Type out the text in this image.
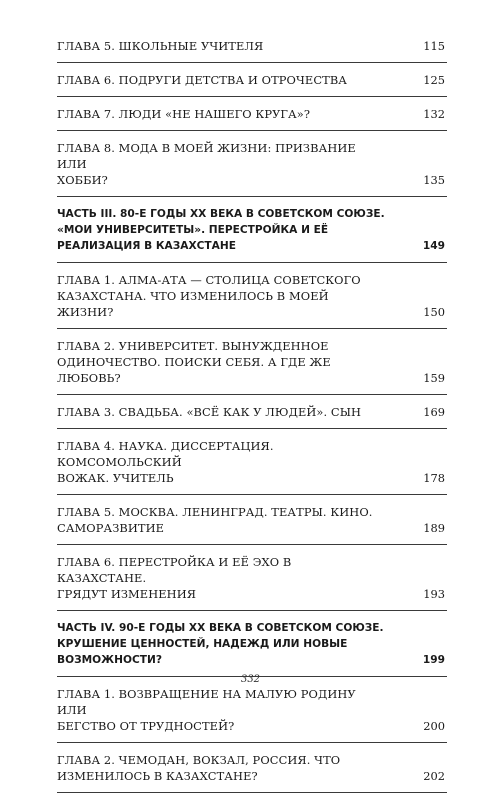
ГЛАВА 5. ШКОЛЬНЫЕ УЧИТЕЛЯ	115
ГЛАВА 6. ПОДРУГИ ДЕТСТВА И ОТРОЧЕСТВА	125
ГЛАВА 7. ЛЮДИ «НЕ НАШЕГО КРУГА»?	132
ГЛАВА 8. МОДА В МОЕЙ ЖИЗНИ: ПРИЗВАНИЕ ИЛИ
ХОББИ?	135
ЧАСТЬ III. 80-Е ГОДЫ ХХ ВЕКА В СОВЕТСКОМ СОЮЗЕ.
«МОИ УНИВЕРСИТЕТЫ». ПЕРЕСТРОЙКА И ЕЁ
РЕАЛИЗАЦИЯ В КАЗАХСТАНЕ	149
ГЛАВА 1. АЛМА-АТА — СТОЛИЦА СОВЕТСКОГО
КАЗАХСТАНА. ЧТО ИЗМЕНИЛОСЬ В МОЕЙ ЖИЗНИ?	150
ГЛАВА 2. УНИВЕРСИТЕТ. ВЫНУЖДЕННОЕ
ОДИНОЧЕСТВО. ПОИСКИ СЕБЯ. А ГДЕ ЖЕ ЛЮБОВЬ?	159
ГЛАВА 3. СВАДЬБА. «ВСЁ КАК У ЛЮДЕЙ». СЫН	169
ГЛАВА 4. НАУКА. ДИССЕРТАЦИЯ. КОМСОМОЛЬСКИЙ
ВОЖАК. УЧИТЕЛЬ	178
ГЛАВА 5. МОСКВА. ЛЕНИНГРАД. ТЕАТРЫ. КИНО.
САМОРАЗВИТИЕ	189
ГЛАВА 6. ПЕРЕСТРОЙКА И ЕЁ ЭХО В КАЗАХСТАНЕ.
ГРЯДУТ ИЗМЕНЕНИЯ	193
ЧАСТЬ IV. 90-Е ГОДЫ ХХ ВЕКА В СОВЕТСКОМ СОЮЗЕ.
КРУШЕНИЕ ЦЕННОСТЕЙ, НАДЕЖД ИЛИ НОВЫЕ
ВОЗМОЖНОСТИ?	199
ГЛАВА 1. ВОЗВРАЩЕНИЕ НА МАЛУЮ РОДИНУ ИЛИ
БЕГСТВО ОТ ТРУДНОСТЕЙ?	200
ГЛАВА 2. ЧЕМОДАН, ВОКЗАЛ, РОССИЯ. ЧТО
ИЗМЕНИЛОСЬ В КАЗАХСТАНЕ?	202
332
